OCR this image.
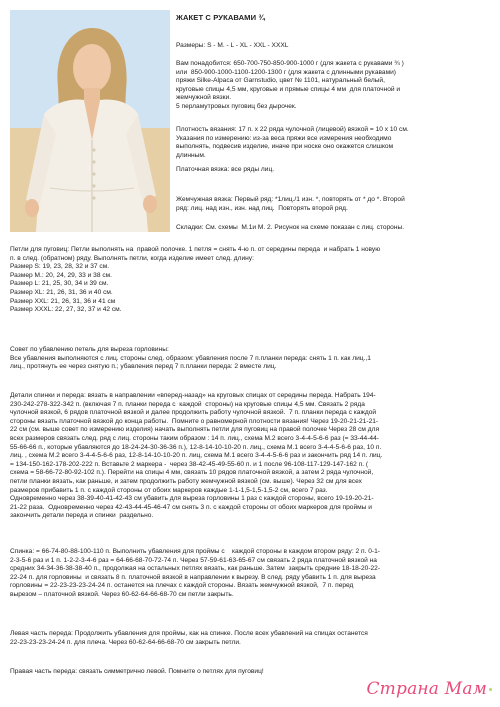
ЖАКЕТ С РУКАВАМИ ¾

Размеры: S - M. - L - XL - XXL - XXXL

Вам понадобится: 650-700-750-850-900-1000 г (для жакета с рукавами ¾ )
или  850-900-1000-1100-1200-1300 г (для жакета с длинными рукавами)
пряжи Silke-Alpaca от Garnstudio, цвет № 1101, натуральный белый,
круговые спицы 4,5 мм, круговые и прямые спицы 4 мм  для платочной и
жемчужной вязки.
5 перламутровых пуговиц без дырочек.

Плотность вязания: 17 п. х 22 ряда чулочной (лицевой) вязкой = 10 х 10 см.
Указания по измерению: из-за веса пряжи все измерения необходимо
выполнять, подвесив изделие, иначе при носке оно окажется слишком
длинным.

Платочная вязка: все ряды лиц.

Жемчужная вязка: Первый ряд: *1лиц./1 изн. *, повторять от * до *. Второй
ряд: лиц. над изн., изн. над лиц.  Повторять второй ряд.

Складки: См. схемы  М.1и М. 2. Рисунок на схеме показан с лиц. стороны.

Петли для пуговиц: Петли выполнять на  правой полочке. 1 петля = снять 4-ю п. от середины переда  и набрать 1 новую
п. в след. (обратном) ряду. Выполнять петли, когда изделие имеет след. длину:
Размер S: 19, 23, 28, 32 и 37 см.
Размер М.: 20, 24, 29, 33 и 38 см.
Размер L: 21, 25, 30, 34 и 39 см.
Размер XL: 21, 26, 31, 36 и 40 см.
Размер XXL: 21, 26, 31, 36 и 41 см
Размер XXXL: 22, 27, 32, 37 и 42 см.

Совет по убавлению петель для выреза горловины:
Все убавления выполняются с лиц. стороны след. образом: убавления после 7 п.планки переда: снять 1 п. как лиц.,1
лиц., протянуть ее через снятую п.; убавления перед 7 п.планки переда: 2 вместе лиц.

Детали спинки и переда: вязать в направлении «вперед-назад» на круговых спицах от середины переда. Набрать 194-
230-242-278-322-342 п. (включая 7 п. планки переда с  каждой  стороны) на круговые спицы 4,5 мм. Связать 2 ряда
чулочной вязкой, 6 рядов платочной вязкой и далее продолжить работу чулочной вязкой.  7 п. планки переда с каждой
стороны вязать платочной вязкой до конца работы.  Помните о равномерной плотности вязания! Через 19-20-21-21-21-
22 см (см. выше совет по измерению изделия) начать выполнять петли для пуговиц на правой полочке Через 28 см для
всех размеров связать след. ряд с лиц. стороны таким образом : 14 п. лиц., схема М.2 всего 3-4-4-5-6-6 раз (= 33-44-44-
55-66-66 п., которые убавляются до 18-24-24-30-36-36 п.), 12-8-14-10-10-20 п. лиц., схема М.1 всего 3-4-4-5-6-6 раз, 10 п.
лиц. , схема М.2 всего 3-4-4-5-6-6 раз, 12-8-14-10-10-20 п. лиц, схема М.1 всего 3-4-4-5-6-6 раз и закончить ряд 14 п. лиц.
= 134-150-162-178-202-222 п. Вставьте 2 маркера -  через 38-42-45-49-55-60 п. и 1 после 96-108-117-129-147-162 п. (
схема = 58-66-72-80-92-102 п.). Перейти на спицы 4 мм, связать 10 рядов платочной вязкой, а затем 2 ряда чулочной,
петли планки вязать, как раньше, и затем продолжить работу жемчужной вязкой (см. выше). Через 32 см для всех
размеров прибавить 1 п. с каждой стороны от обоих маркеров каждые 1-1-1,5-1,5-1,5-2 см, всего 7 раз.
Одновременно через 38-39-40-41-42-43 см убавить для выреза горловины 1 раз с каждой стороны, всего 19-19-20-21-
21-22 раза.  Одновременно через 42-43-44-45-46-47 см снять 3 п. с каждой стороны от обоих маркеров для проймы и
закончить детали переда и спинки  раздельно.

Спинка: = 66-74-80-88-100-110 п. Выполнить убавления для проймы с    каждой стороны в каждом втором ряду: 2 п. 0-1-
2-3-5-6 раз и 1 п. 1-2-2-3-4-6 раз = 64-66-68-70-72-74 п. Через 57-59-61-63-65-67 см связать 2 ряда платочной вязкой на
средних 34-34-36-38-38-40 п., продолжая на остальных петлях вязать, как раньше. Затем  закрыть средние 18-18-20-22-
22-24 п. для горловины  и связать 8 п. платочной вязкой в направлении к вырезу. В след. ряду убавить 1 п. для выреза
горловины = 22-23-23-23-24-24 п. останется на плечах с каждой стороны. Вязать жемчужной вязкой,  7 п. перед
вырезом – платочной вязкой. Через 60-62-64-66-68-70 см петли закрыть.

Левая часть переда: Продолжить убавления для проймы, как на спинке. После всех убавлений на спицах останется
22-23-23-23-24-24 п. для плеча. Через 60-62-64-66-68-70 см закрыть петли.

Правая часть переда: связать симметрично левой. Помните о петлях для пуговиц!

Страна Мам
